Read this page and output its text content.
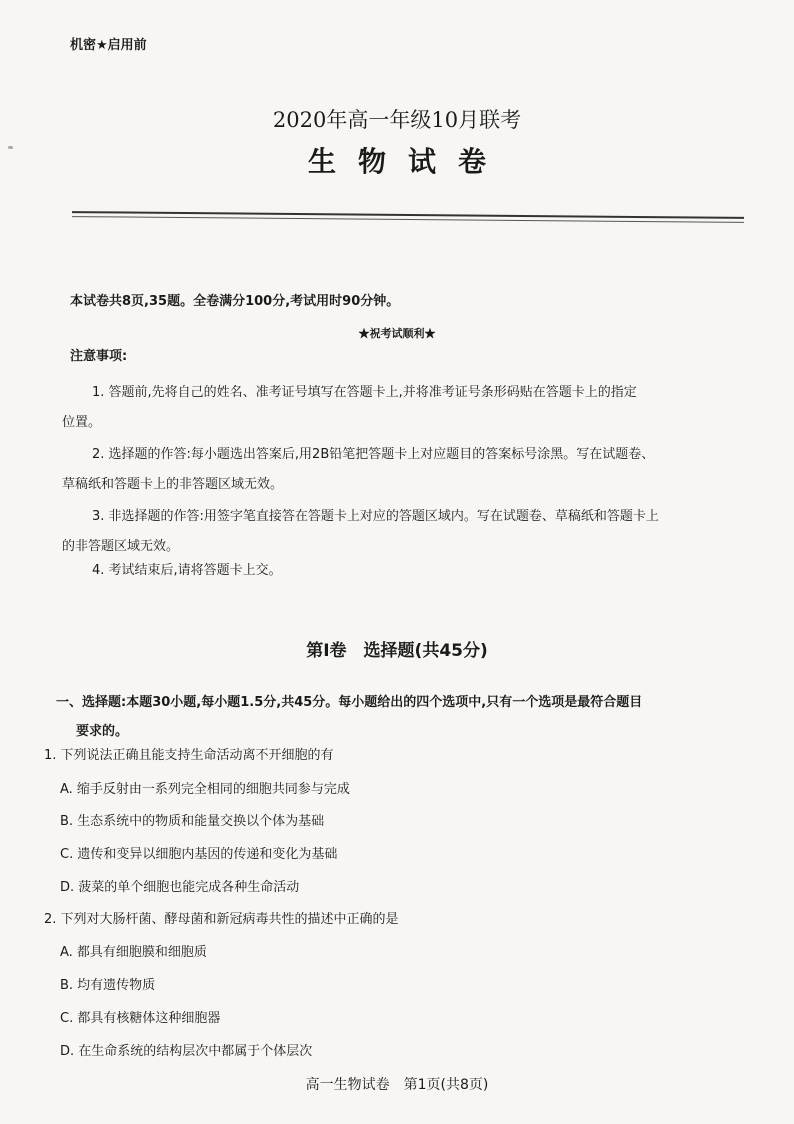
机密★启用前
2020年高一年级10月联考
生物试卷
本试卷共8页,35题。全卷满分100分,考试用时90分钟。
★祝考试顺利★
注意事项:
1. 答题前,先将自己的姓名、准考证号填写在答题卡上,并将准考证号条形码贴在答题卡上的指定
位置。
2. 选择题的作答:每小题选出答案后,用2B铅笔把答题卡上对应题目的答案标号涂黑。写在试题卷、
草稿纸和答题卡上的非答题区域无效。
3. 非选择题的作答:用签字笔直接答在答题卡上对应的答题区域内。写在试题卷、草稿纸和答题卡上
的非答题区域无效。
4. 考试结束后,请将答题卡上交。
第Ⅰ卷　选择题(共45分)
一、选择题:本题30小题,每小题1.5分,共45分。每小题给出的四个选项中,只有一个选项是最符合题目
要求的。
1. 下列说法正确且能支持生命活动离不开细胞的有
A. 缩手反射由一系列完全相同的细胞共同参与完成
B. 生态系统中的物质和能量交换以个体为基础
C. 遗传和变异以细胞内基因的传递和变化为基础
D. 菠菜的单个细胞也能完成各种生命活动
2. 下列对大肠杆菌、酵母菌和新冠病毒共性的描述中正确的是
A. 都具有细胞膜和细胞质
B. 均有遗传物质
C. 都具有核糖体这种细胞器
D. 在生命系统的结构层次中都属于个体层次
高一生物试卷　第1页(共8页)
